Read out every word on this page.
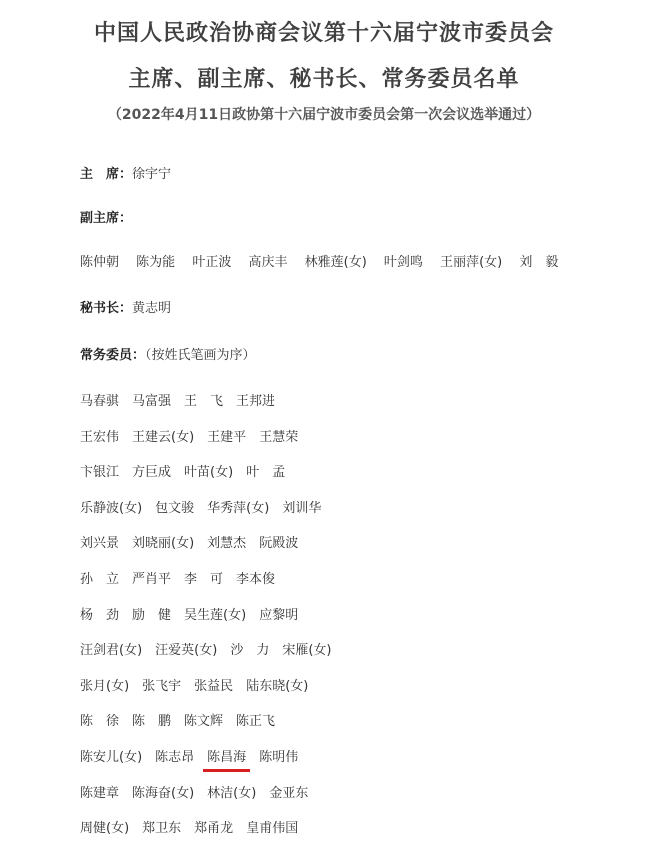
中国人民政治协商会议第十六届宁波市委员会
主席、副主席、秘书长、常务委员名单
（2022年4月11日政协第十六届宁波市委员会第一次会议选举通过）
主　席：徐宇宁
副主席：
陈仲朝 陈为能 叶正波 高庆丰 林雅莲(女) 叶剑鸣 王丽萍(女) 刘　毅
秘书长：黄志明
常务委员：（按姓氏笔画为序）
马春骐 马富强 王　飞 王邦进
王宏伟 王建云(女) 王建平 王慧荣
卞银江 方巨成 叶苗(女) 叶　孟
乐静波(女) 包文骏 华秀萍(女) 刘训华
刘兴景 刘晓丽(女) 刘慧杰 阮殿波
孙　立 严肖平 李　可 李本俊
杨　劲 励　健 吴生莲(女) 应黎明
汪剑君(女) 汪爱英(女) 沙　力 宋雁(女)
张月(女) 张飞宇 张益民 陆东晓(女)
陈　徐 陈　鹏 陈文辉 陈正飞
陈安儿(女) 陈志昂 陈昌海 陈明伟
陈建章 陈海奋(女) 林洁(女) 金亚东
周健(女) 郑卫东 郑甬龙 皇甫伟国
